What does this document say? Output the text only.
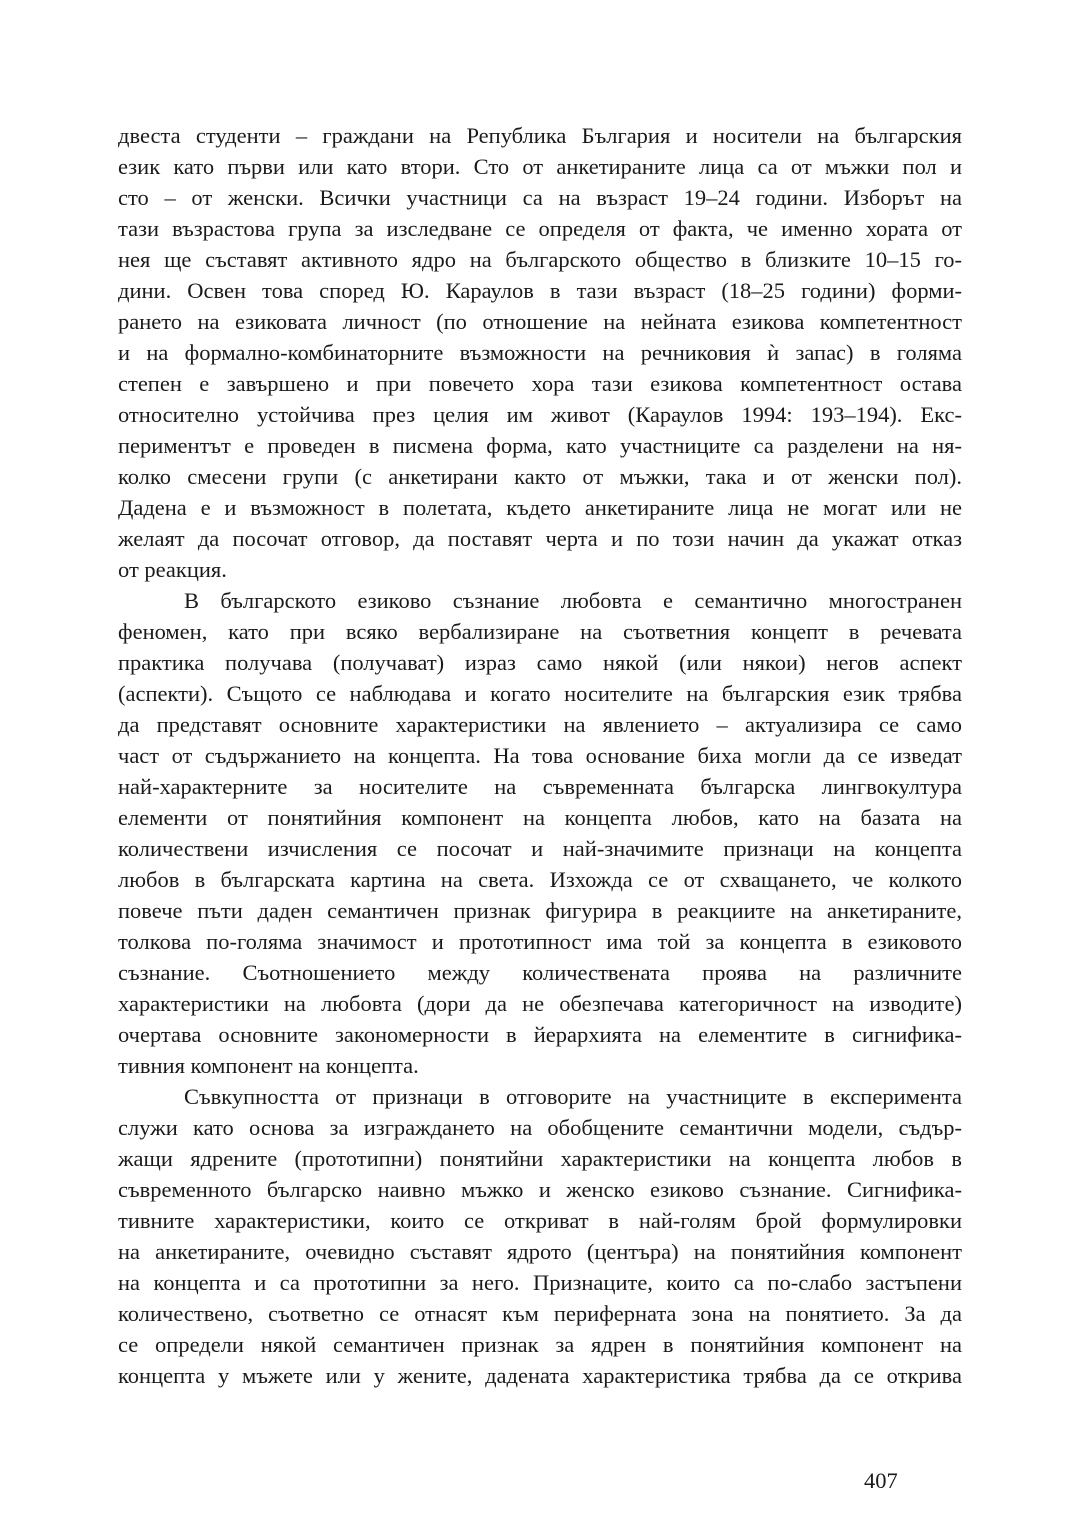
двеста студенти – граждани на Република България и носители на българския
език като първи или като втори. Сто от анкетираните лица са от мъжки пол и
сто – от женски. Всички участници са на възраст 19–24 години. Изборът на
тази възрастова група за изследване се определя от факта, че именно хората от
нея ще съставят активното ядро на българското общество в близките 10–15 го-
дини. Освен това според Ю. Караулов в тази възраст (18–25 години) форми-
рането на езиковата личност (по отношение на нейната езикова компетентност
и на формално-комбинаторните възможности на речниковия ѝ запас) в голяма
степен е завършено и при повечето хора тази езикова компетентност остава
относително устойчива през целия им живот (Караулов 1994: 193–194). Екс-
периментът е проведен в писмена форма, като участниците са разделени на ня-
колко смесени групи (с анкетирани както от мъжки, така и от женски пол).
Дадена е и възможност в полетата, където анкетираните лица не могат или не
желаят да посочат отговор, да поставят черта и по този начин да укажат отказ
от реакция.
В българското езиково съзнание любовта е семантично многостранен
феномен, като при всяко вербализиране на съответния концепт в речевата
практика получава (получават) израз само някой (или някои) негов аспект
(аспекти). Същото се наблюдава и когато носителите на българския език трябва
да представят основните характеристики на явлението – актуализира се само
част от съдържанието на концепта. На това основание биха могли да се изведат
най-характерните за носителите на съвременната българска лингвокултура
елементи от понятийния компонент на концепта любов, като на базата на
количествени изчисления се посочат и най-значимите признаци на концепта
любов в българската картина на света. Изхожда се от схващането, че колкото
повече пъти даден семантичен признак фигурира в реакциите на анкетираните,
толкова по-голяма значимост и прототипност има той за концепта в езиковото
съзнание. Съотношението между количествената проява на различните
характеристики на любовта (дори да не обезпечава категоричност на изводите)
очертава основните закономерности в йерархията на елементите в сигнифика-
тивния компонент на концепта.
Съвкупността от признаци в отговорите на участниците в експеримента
служи като основа за изграждането на обобщените семантични модели, съдър-
жащи ядрените (прототипни) понятийни характеристики на концепта любов в
съвременното българско наивно мъжко и женско езиково съзнание. Сигнифика-
тивните характеристики, които се откриват в най-голям брой формулировки
на анкетираните, очевидно съставят ядрото (центъра) на понятийния компонент
на концепта и са прототипни за него. Признаците, които са по-слабо застъпени
количествено, съответно се отнасят към периферната зона на понятието. За да
се определи някой семантичен признак за ядрен в понятийния компонент на
концепта у мъжете или у жените, дадената характеристика трябва да се открива
407
